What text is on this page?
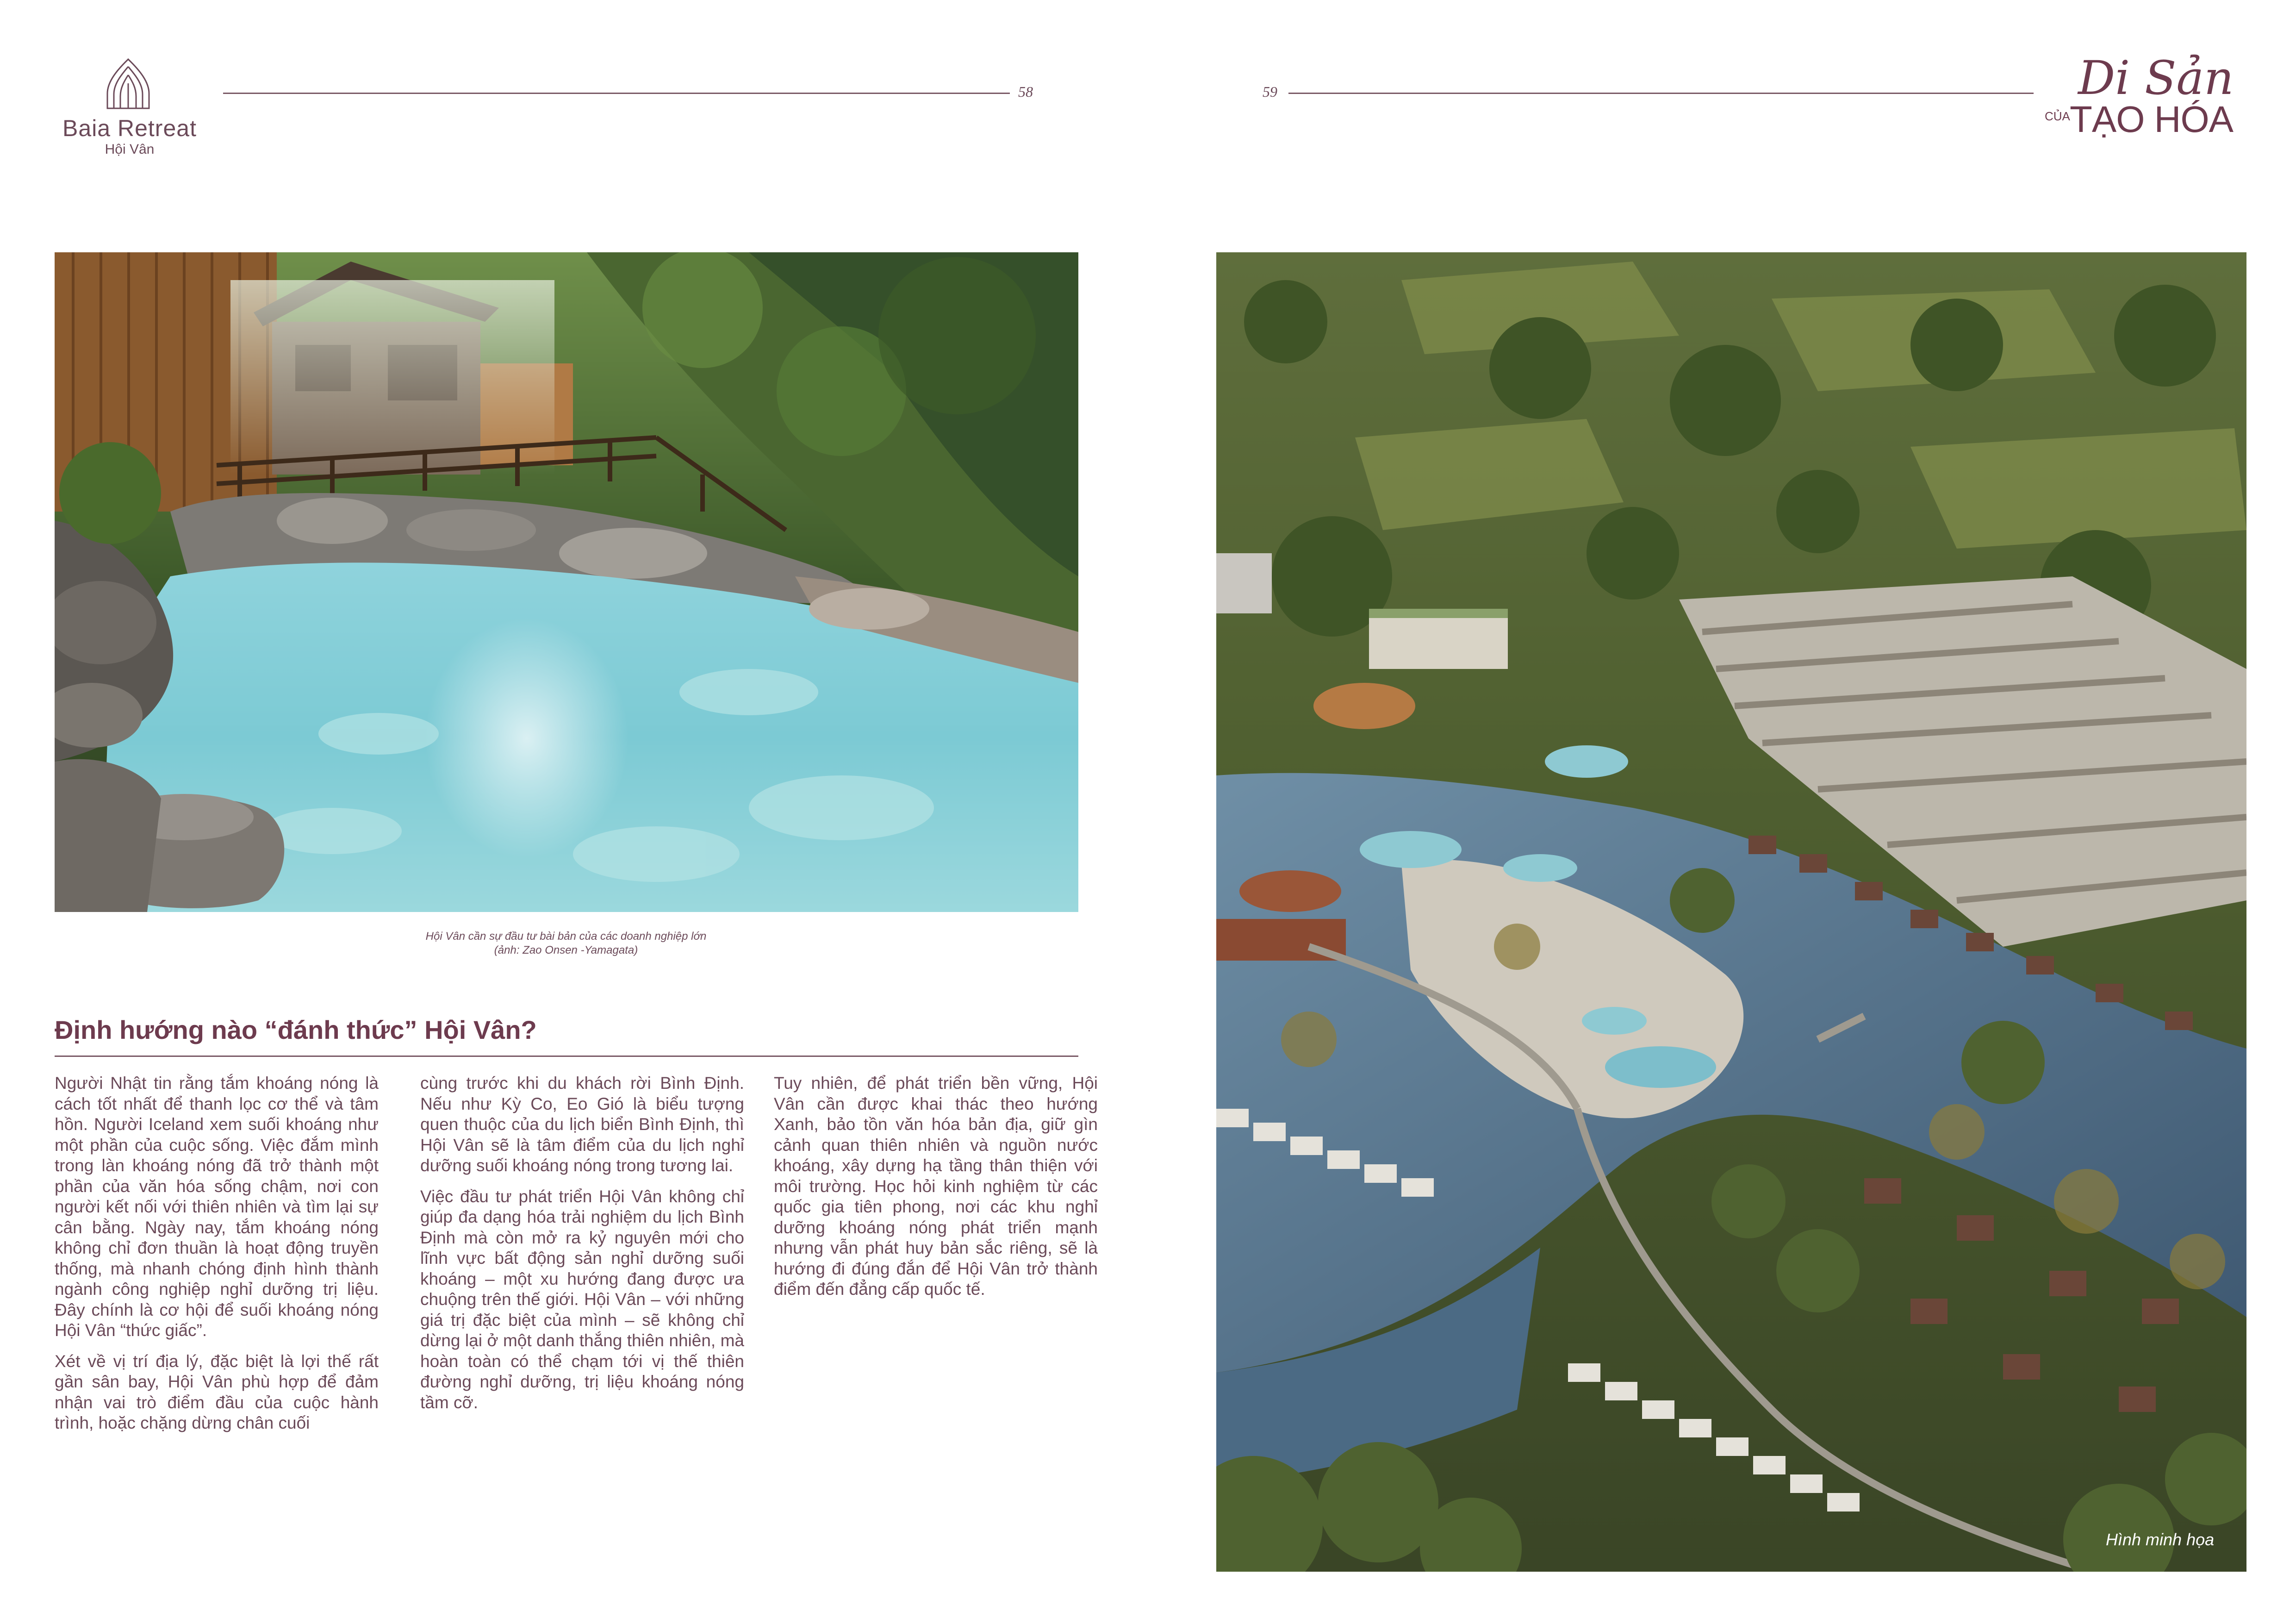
Baia Retreat
Hội Vân
58	59	Di Sản
CỦA TẠO HÓA
Hội Vân cần sự đầu tư bài bản của các doanh nghiệp lớn
(ảnh: Zao Onsen -Yamagata)
Định hướng nào “đánh thức” Hội Vân?

Người Nhật tin rằng tắm khoáng nóng là cách tốt nhất để thanh lọc cơ thể và tâm hồn. Người Iceland xem suối khoáng như một phần của cuộc sống. Việc đắm mình trong làn khoáng nóng đã trở thành một phần của văn hóa sống chậm, nơi con người kết nối với thiên nhiên và tìm lại sự cân bằng. Ngày nay, tắm khoáng nóng không chỉ đơn thuần là hoạt động truyền thống, mà nhanh chóng định hình thành ngành công nghiệp nghỉ dưỡng trị liệu. Đây chính là cơ hội để suối khoáng nóng Hội Vân “thức giấc”.

Xét về vị trí địa lý, đặc biệt là lợi thế rất gần sân bay, Hội Vân phù hợp để đảm nhận vai trò điểm đầu của cuộc hành trình, hoặc chặng dừng chân cuối

cùng trước khi du khách rời Bình Định. Nếu như Kỳ Co, Eo Gió là biểu tượng quen thuộc của du lịch biển Bình Định, thì Hội Vân sẽ là tâm điểm của du lịch nghỉ dưỡng suối khoáng nóng trong tương lai.

Việc đầu tư phát triển Hội Vân không chỉ giúp đa dạng hóa trải nghiệm du lịch Bình Định mà còn mở ra kỷ nguyên mới cho lĩnh vực bất động sản nghỉ dưỡng suối khoáng – một xu hướng đang được ưa chuộng trên thế giới. Hội Vân – với những giá trị đặc biệt của mình – sẽ không chỉ dừng lại ở một danh thắng thiên nhiên, mà hoàn toàn có thể chạm tới vị thế thiên đường nghỉ dưỡng, trị liệu khoáng nóng tầm cỡ.

Tuy nhiên, để phát triển bền vững, Hội Vân cần được khai thác theo hướng Xanh, bảo tồn văn hóa bản địa, giữ gìn cảnh quan thiên nhiên và nguồn nước khoáng, xây dựng hạ tầng thân thiện với môi trường. Học hỏi kinh nghiệm từ các quốc gia tiên phong, nơi các khu nghỉ dưỡng khoáng nóng phát triển mạnh nhưng vẫn phát huy bản sắc riêng, sẽ là hướng đi đúng đắn để Hội Vân trở thành điểm đến đẳng cấp quốc tế.

Hình minh họa
